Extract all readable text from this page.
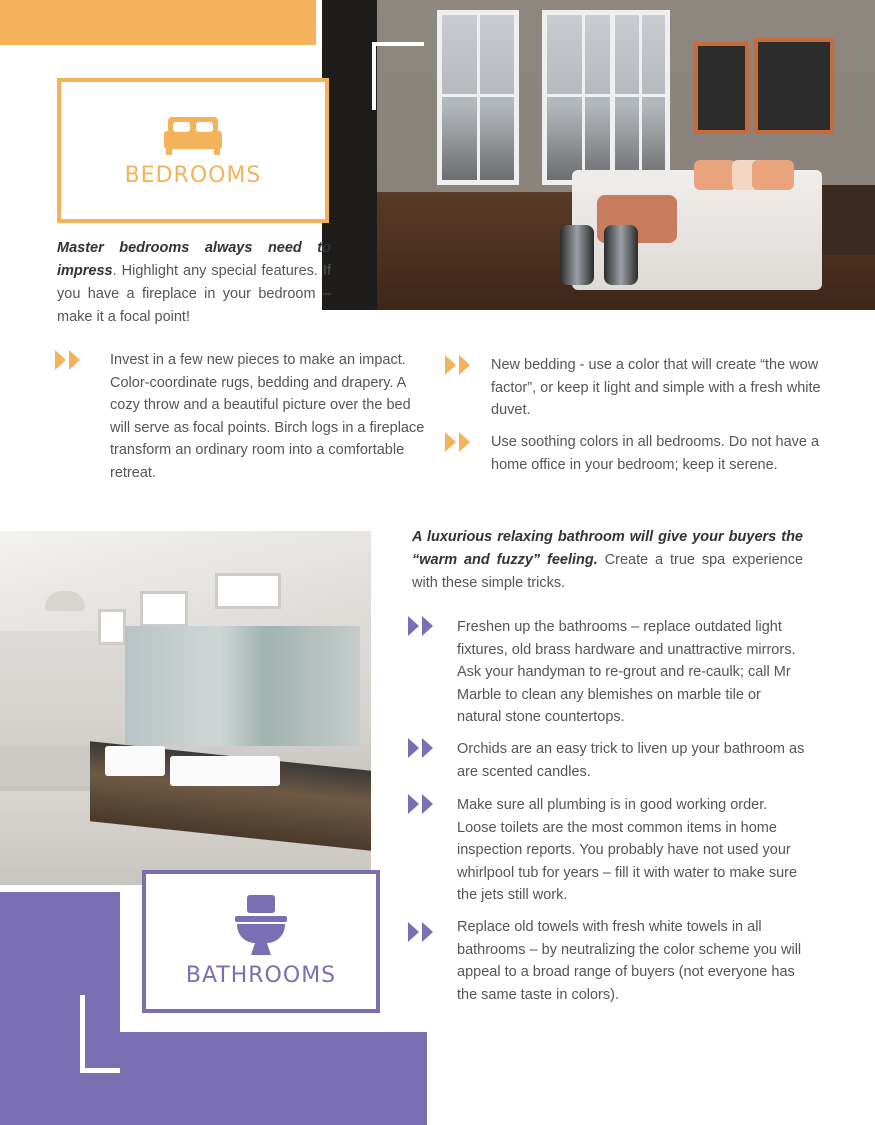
BEDROOMS
Master bedrooms always need to impress. Highlight any special features. If you have a fireplace in your bedroom – make it a focal point!
Invest in a few new pieces to make an impact. Color-coordinate rugs, bedding and drapery. A cozy throw and a beautiful picture over the bed will serve as focal points. Birch logs in a fireplace transform an ordinary room into a comfortable retreat.
New bedding - use a color that will create “the wow factor”, or keep it light and simple with a fresh white duvet.
Use soothing colors in all bedrooms. Do not have a home office in your bedroom; keep it serene.
A luxurious relaxing bathroom will give your buyers the “warm and fuzzy” feeling. Create a true spa experience with these simple tricks.
Freshen up the bathrooms – replace outdated light fixtures, old brass hardware and unattractive mirrors. Ask your handyman to re-grout and re-caulk; call Mr Marble to clean any blemishes on marble tile or natural stone countertops.
Orchids are an easy trick to liven up your bathroom as are scented candles.
Make sure all plumbing is in good working order. Loose toilets are the most common items in home inspection reports. You probably have not used your whirlpool tub for years – fill it with water to make sure the jets still work.
Replace old towels with fresh white towels in all bathrooms – by neutralizing the color scheme you will appeal to a broad range of buyers (not everyone has the same taste in colors).
BATHROOMS
